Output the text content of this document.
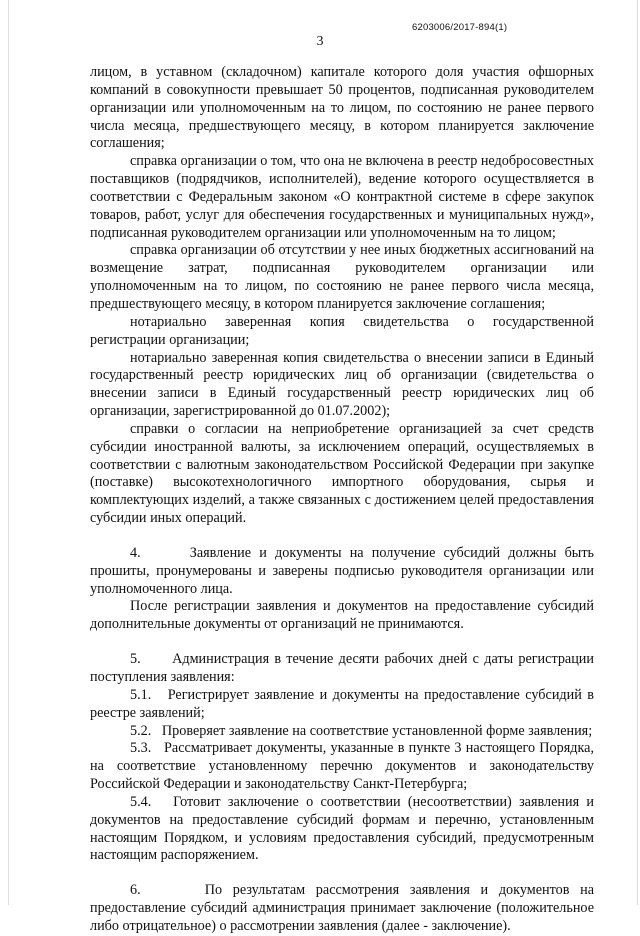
6203006/2017-894(1)
3

лицом, в уставном (складочном) капитале которого доля участия офшорных компаний в совокупности превышает 50 процентов, подписанная руководителем организации или уполномоченным на то лицом, по состоянию не ранее первого числа месяца, предшествующего месяцу, в котором планируется заключение соглашения;

справка организации о том, что она не включена в реестр недобросовестных поставщиков (подрядчиков, исполнителей), ведение которого осуществляется в соответствии с Федеральным законом «О контрактной системе в сфере закупок товаров, работ, услуг для обеспечения государственных и муниципальных нужд», подписанная руководителем организации или уполномоченным на то лицом;

справка организации об отсутствии у нее иных бюджетных ассигнований на возмещение затрат, подписанная руководителем организации или уполномоченным на то лицом, по состоянию не ранее первого числа месяца, предшествующего месяцу, в котором планируется заключение соглашения;

нотариально заверенная копия свидетельства о государственной регистрации организации;

нотариально заверенная копия свидетельства о внесении записи в Единый государственный реестр юридических лиц об организации (свидетельства о внесении записи в Единый государственный реестр юридических лиц об организации, зарегистрированной до 01.07.2002);

справки о согласии на неприобретение организацией за счет средств субсидии иностранной валюты, за исключением операций, осуществляемых в соответствии с валютным законодательством Российской Федерации при закупке (поставке) высокотехнологичного импортного оборудования, сырья и комплектующих изделий, а также связанных с достижением целей предоставления субсидии иных операций.

4.      Заявление и документы на получение субсидий должны быть прошиты, пронумерованы и заверены подписью руководителя организации или уполномоченного лица.

После регистрации заявления и документов на предоставление субсидий дополнительные документы от организаций не принимаются.

5.      Администрация в течение десяти рабочих дней с даты регистрации поступления заявления:

5.1.   Регистрирует заявление и документы на предоставление субсидий в реестре заявлений;

5.2.   Проверяет заявление на соответствие установленной форме заявления;

5.3.   Рассматривает документы, указанные в пункте 3 настоящего Порядка, на соответствие установленному перечню документов и законодательству Российской Федерации и законодательству Санкт-Петербурга;

5.4.   Готовит заключение о соответствии (несоответствии) заявления и документов на предоставление субсидий формам и перечню, установленным настоящим Порядком, и условиям предоставления субсидий, предусмотренным настоящим распоряжением.

6.      По результатам рассмотрения заявления и документов на предоставление субсидий администрация принимает заключение (положительное либо отрицательное) о рассмотрении заявления (далее - заключение).
